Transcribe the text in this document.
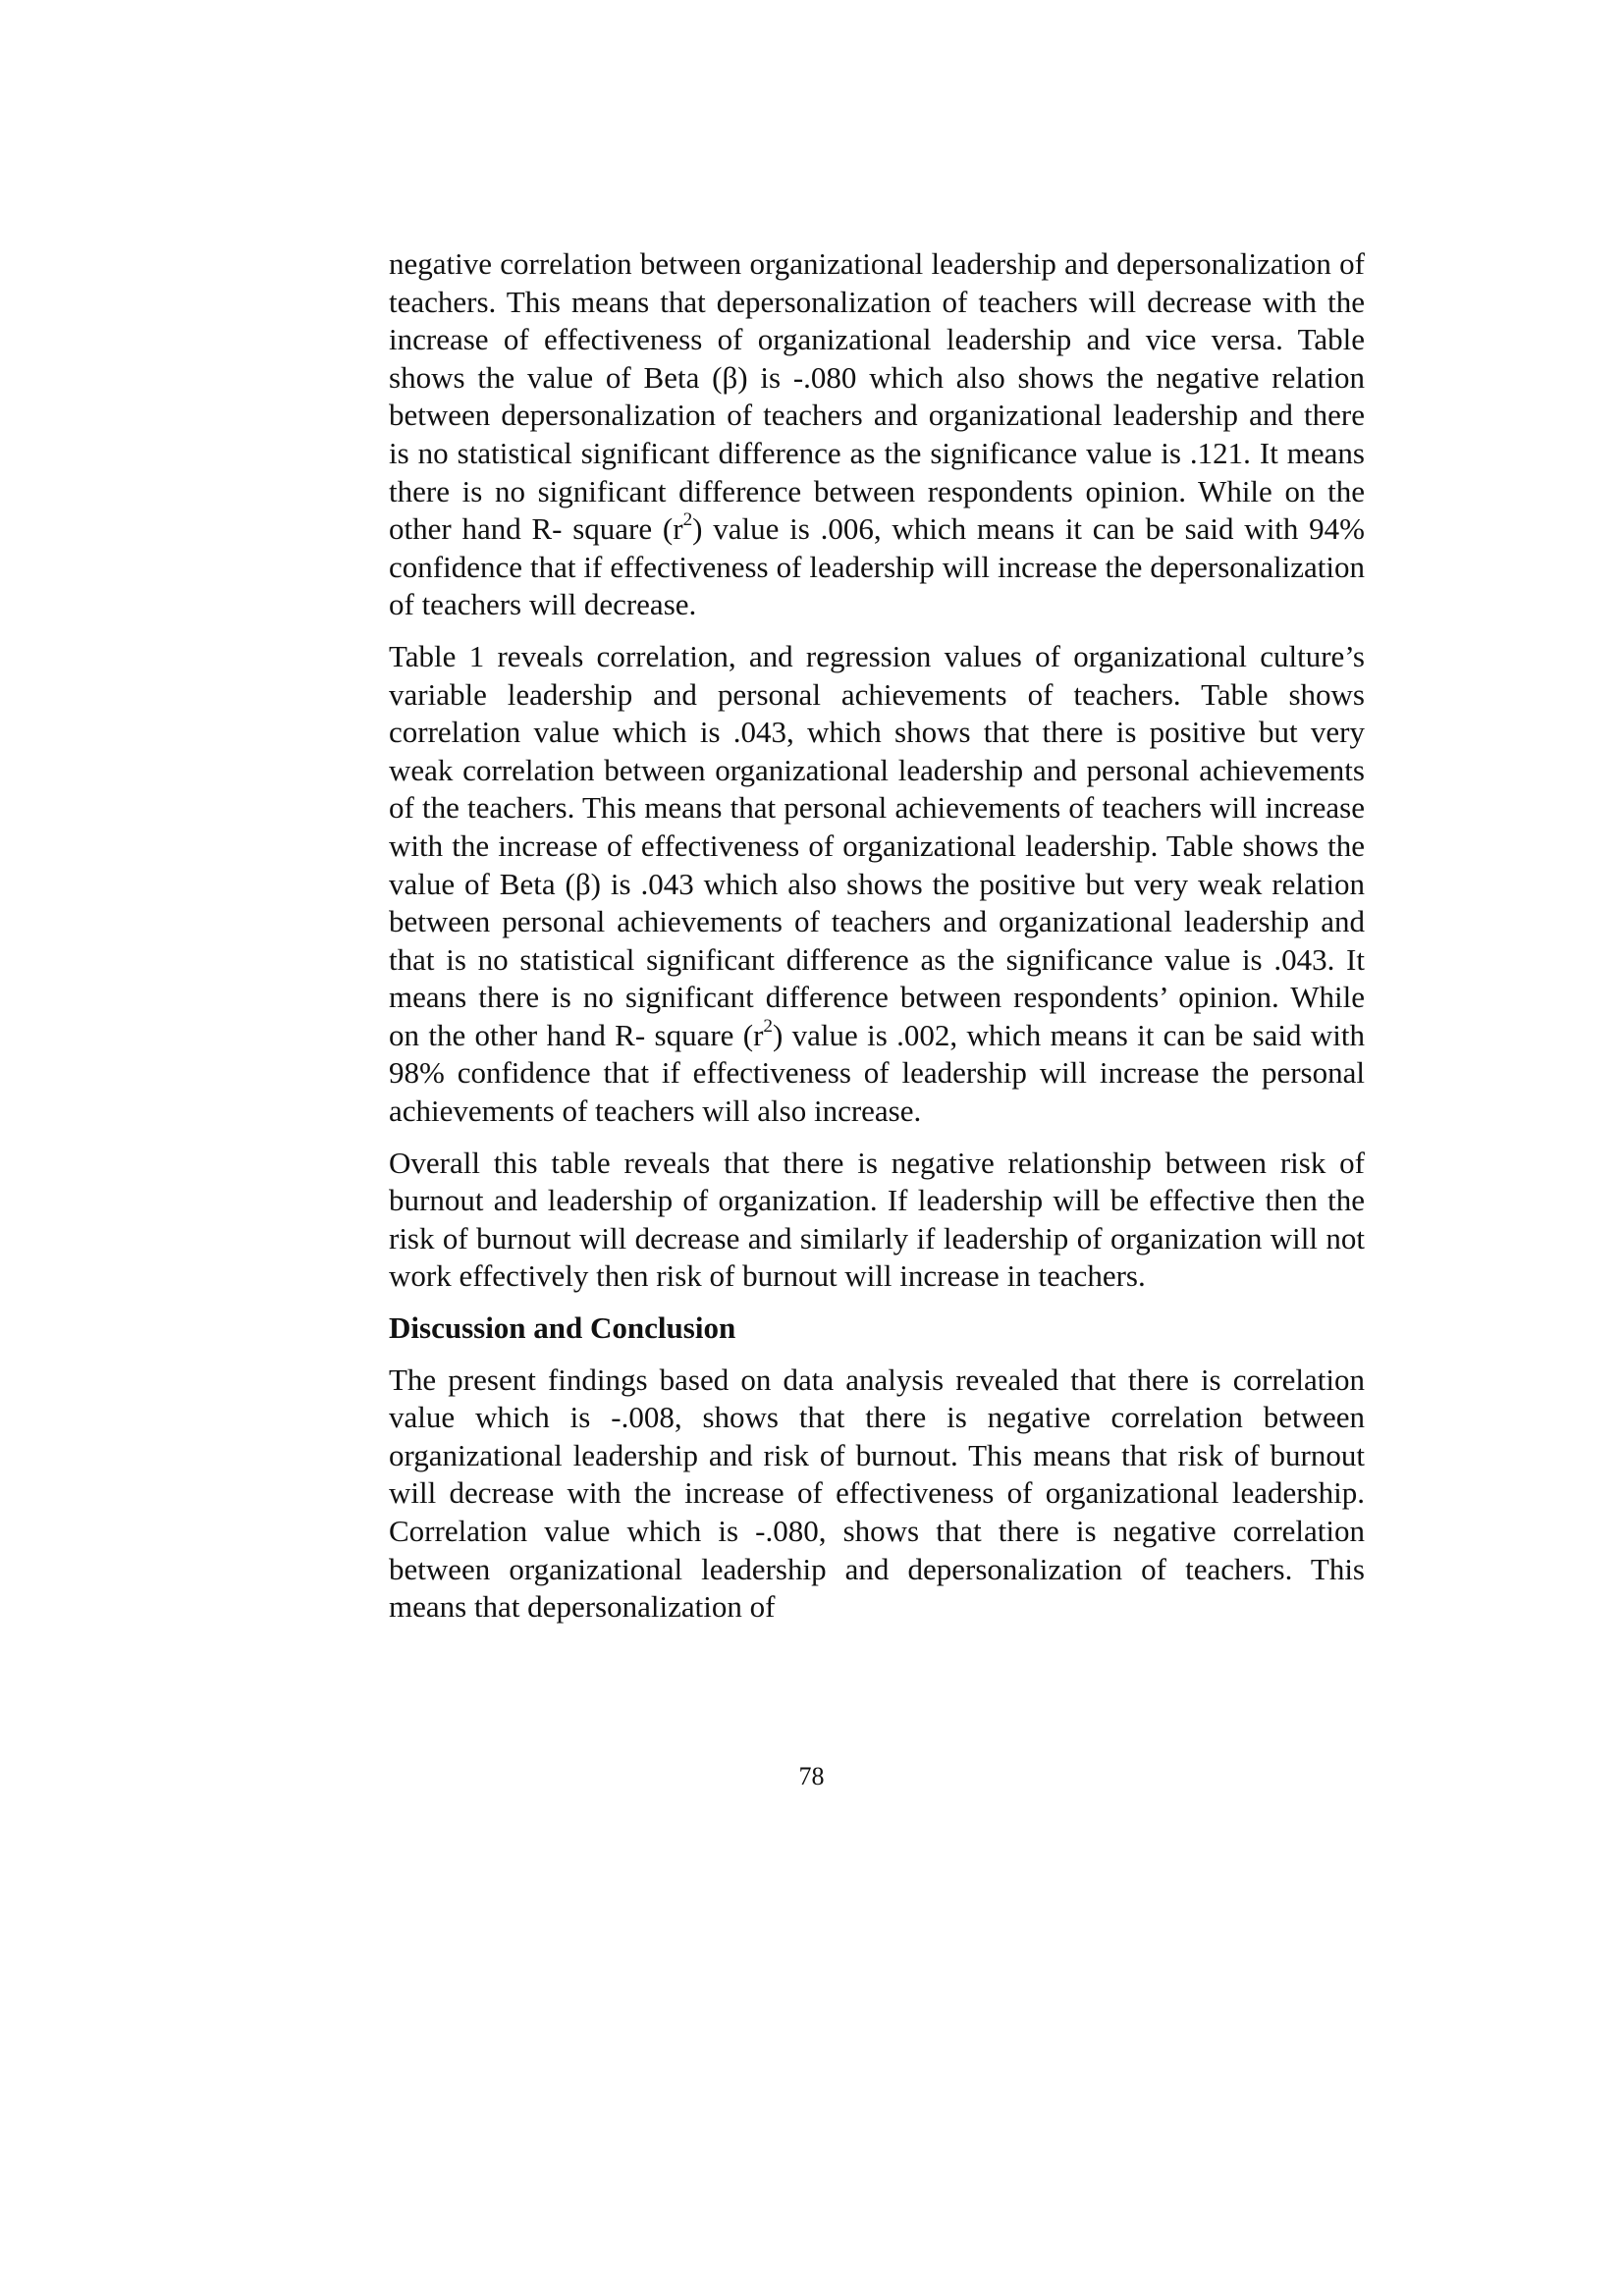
negative correlation between organizational leadership and depersonalization of teachers. This means that depersonalization of teachers will decrease with the increase of effectiveness of organizational leadership and vice versa. Table shows the value of Beta (β) is -.080 which also shows the negative relation between depersonalization of teachers and organizational leadership and there is no statistical significant difference as the significance value is .121. It means there is no significant difference between respondents opinion. While on the other hand R- square $(r^2)$ value is .006, which means it can be said with 94% confidence that if effectiveness of leadership will increase the depersonalization of teachers will decrease.

Table 1 reveals correlation, and regression values of organizational culture’s variable leadership and personal achievements of teachers. Table shows correlation value which is .043, which shows that there is positive but very weak correlation between organizational leadership and personal achievements of the teachers. This means that personal achievements of teachers will increase with the increase of effectiveness of organizational leadership. Table shows the value of Beta (β) is .043 which also shows the positive but very weak relation between personal achievements of teachers and organizational leadership and that is no statistical significant difference as the significance value is .043. It means there is no significant difference between respondents’ opinion. While on the other hand R- square $(r^2)$ value is .002, which means it can be said with 98% confidence that if effectiveness of leadership will increase the personal achievements of teachers will also increase.

Overall this table reveals that there is negative relationship between risk of burnout and leadership of organization. If leadership will be effective then the risk of burnout will decrease and similarly if leadership of organization will not work effectively then risk of burnout will increase in teachers.

Discussion and Conclusion

The present findings based on data analysis revealed that there is correlation value which is -.008, shows that there is negative correlation between organizational leadership and risk of burnout. This means that risk of burnout will decrease with the increase of effectiveness of organizational leadership. Correlation value which is -.080, shows that there is negative correlation between organizational leadership and depersonalization of teachers. This means that depersonalization of

78
